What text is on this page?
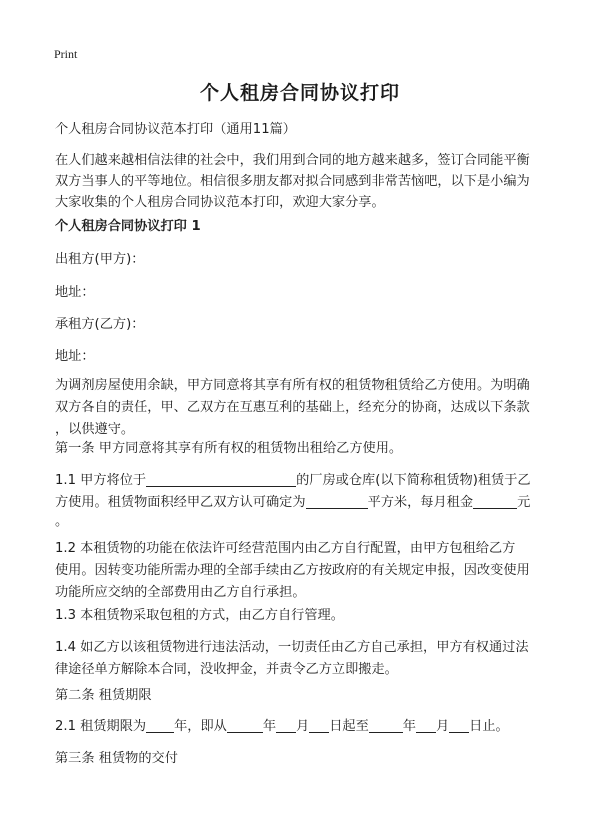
Print
个人租房合同协议打印

个人租房合同协议范本打印（通用11篇）

在人们越来越相信法律的社会中，我们用到合同的地方越来越多，签订合同能平衡

双方当事人的平等地位。相信很多朋友都对拟合同感到非常苦恼吧，以下是小编为

大家收集的个人租房合同协议范本打印，欢迎大家分享。

个人租房合同协议打印 1

出租方(甲方)：

地址：

承租方(乙方)：

地址：

为调剂房屋使用余缺，甲方同意将其享有所有权的租赁物租赁给乙方使用。为明确

双方各自的责任，甲、乙双方在互惠互利的基础上，经充分的协商，达成以下条款

，以供遵守。

第一条 甲方同意将其享有所有权的租赁物出租给乙方使用。

1.1 甲方将位于	的厂房或仓库(以下简称租赁物)租赁于乙

方使用。租赁物面积经甲乙双方认可确定为	平方米，每月租金	元

。

1.2 本租赁物的功能在依法许可经营范围内由乙方自行配置，由甲方包租给乙方

使用。因转变功能所需办理的全部手续由乙方按政府的有关规定申报，因改变使用

功能所应交纳的全部费用由乙方自行承担。

1.3 本租赁物采取包租的方式，由乙方自行管理。

1.4 如乙方以该租赁物进行违法活动，一切责任由乙方自己承担，甲方有权通过法

律途径单方解除本合同，没收押金，并责令乙方立即搬走。

第二条 租赁期限

2.1 租赁期限为 年，即从	年 月 日起至	年 月 日止。

第三条 租赁物的交付
